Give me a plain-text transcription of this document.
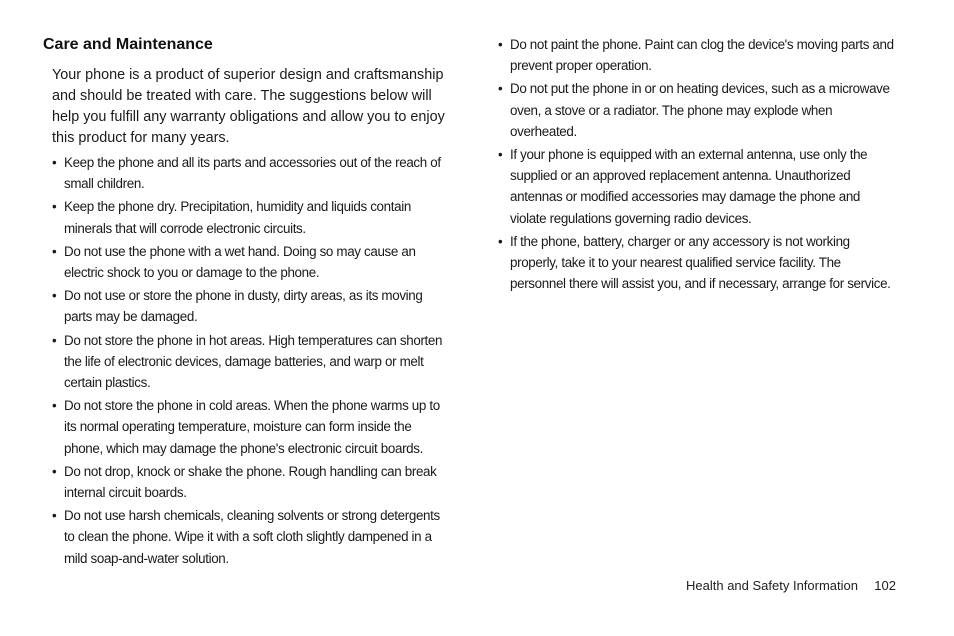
Care and Maintenance

Your phone is a product of superior design and craftsmanship and should be treated with care. The suggestions below will help you fulfill any warranty obligations and allow you to enjoy this product for many years.

• Keep the phone and all its parts and accessories out of the reach of small children.
• Keep the phone dry. Precipitation, humidity and liquids contain minerals that will corrode electronic circuits.
• Do not use the phone with a wet hand. Doing so may cause an electric shock to you or damage to the phone.
• Do not use or store the phone in dusty, dirty areas, as its moving parts may be damaged.
• Do not store the phone in hot areas. High temperatures can shorten the life of electronic devices, damage batteries, and warp or melt certain plastics.
• Do not store the phone in cold areas. When the phone warms up to its normal operating temperature, moisture can form inside the phone, which may damage the phone's electronic circuit boards.
• Do not drop, knock or shake the phone. Rough handling can break internal circuit boards.
• Do not use harsh chemicals, cleaning solvents or strong detergents to clean the phone. Wipe it with a soft cloth slightly dampened in a mild soap-and-water solution.
• Do not paint the phone. Paint can clog the device's moving parts and prevent proper operation.
• Do not put the phone in or on heating devices, such as a microwave oven, a stove or a radiator. The phone may explode when overheated.
• If your phone is equipped with an external antenna, use only the supplied or an approved replacement antenna. Unauthorized antennas or modified accessories may damage the phone and violate regulations governing radio devices.
• If the phone, battery, charger or any accessory is not working properly, take it to your nearest qualified service facility. The personnel there will assist you, and if necessary, arrange for service.
Health and Safety Information 102
